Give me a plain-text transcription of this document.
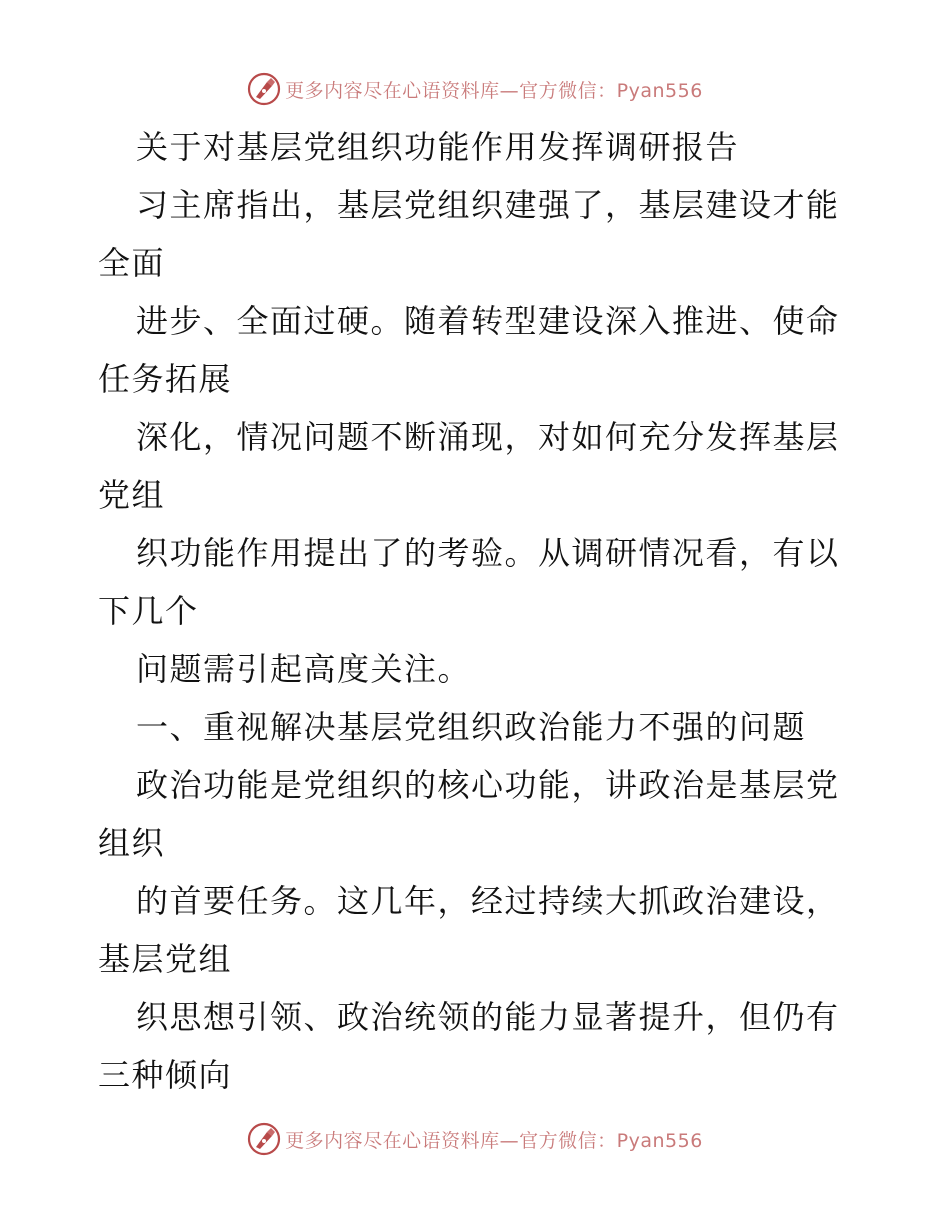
更多内容尽在心语资料库—官方微信：Pyan556
关于对基层党组织功能作用发挥调研报告
习主席指出，基层党组织建强了，基层建设才能
全面
进步、全面过硬。随着转型建设深入推进、使命
任务拓展
深化，情况问题不断涌现，对如何充分发挥基层
党组
织功能作用提出了的考验。从调研情况看，有以
下几个
问题需引起高度关注。
一、重视解决基层党组织政治能力不强的问题
政治功能是党组织的核心功能，讲政治是基层党
组织
的首要任务。这几年，经过持续大抓政治建设，
基层党组
织思想引领、政治统领的能力显著提升，但仍有
三种倾向
更多内容尽在心语资料库—官方微信：Pyan556
